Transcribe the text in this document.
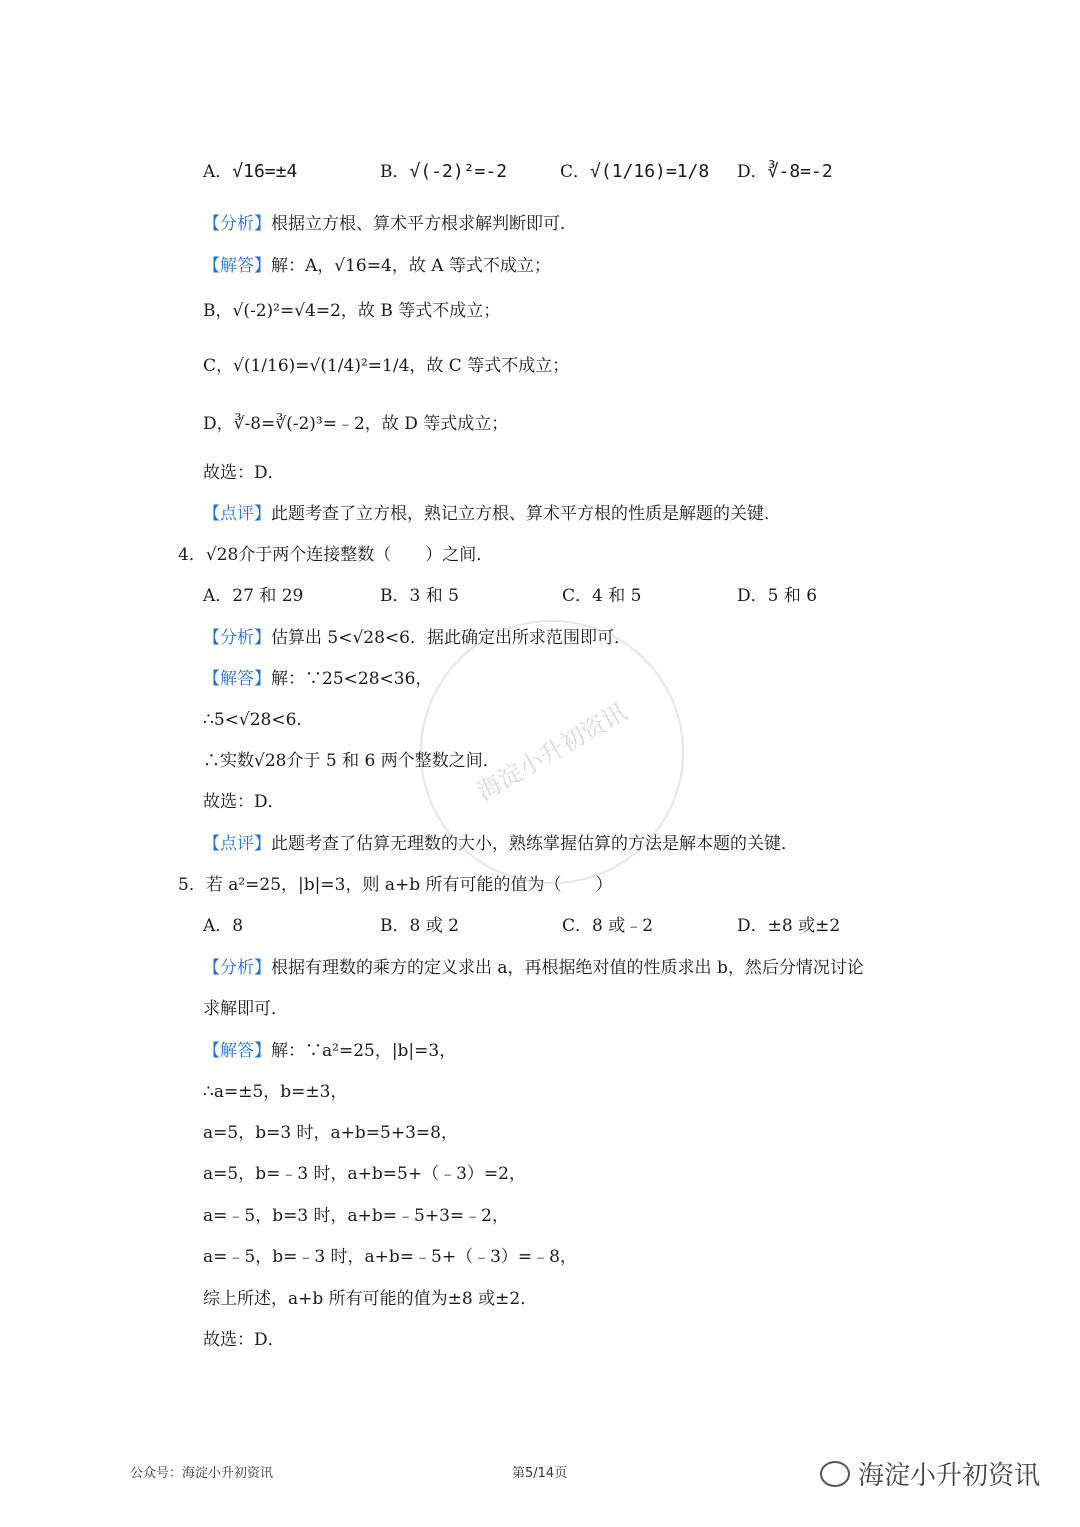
A．√16=±4	B．√(-2)²=-2	C．√(1/16)=1/8 D．∛-8=-2
【分析】根据立方根、算术平方根求解判断即可．
【解答】解：A，√16=4，故 A 等式不成立；
B，√(-2)²=√4=2，故 B 等式不成立；
C，√(1/16)=√(1/4)²=1/4，故 C 等式不成立；
D，∛-8=∛(-2)³=﹣2，故 D 等式成立；
故选：D．
【点评】此题考查了立方根，熟记立方根、算术平方根的性质是解题的关键．
4．√28介于两个连接整数（　　）之间．
A．27 和 29	B．3 和 5	C．4 和 5	D．5 和 6
【分析】估算出 5<√28<6．据此确定出所求范围即可．
【解答】解：∵25<28<36，
∴5<√28<6．
∴实数√28介于 5 和 6 两个整数之间．
故选：D．
【点评】此题考查了估算无理数的大小，熟练掌握估算的方法是解本题的关键．
5．若 a²=25，|b|=3，则 a+b 所有可能的值为（　　）
A．8	B．8 或 2	C．8 或﹣2	D．±8 或±2
【分析】根据有理数的乘方的定义求出 a，再根据绝对值的性质求出 b，然后分情况讨论
求解即可．
【解答】解：∵a²=25，|b|=3，
∴a=±5，b=±3，
a=5，b=3 时，a+b=5+3=8，
a=5，b=﹣3 时，a+b=5+（﹣3）=2，
a=﹣5，b=3 时，a+b=﹣5+3=﹣2，
a=﹣5，b=﹣3 时，a+b=﹣5+（﹣3）=﹣8，
综上所述，a+b 所有可能的值为±8 或±2．
故选：D．
海淀小升初资讯
公众号：海淀小升初资讯	第5/14页	海淀小升初资讯
